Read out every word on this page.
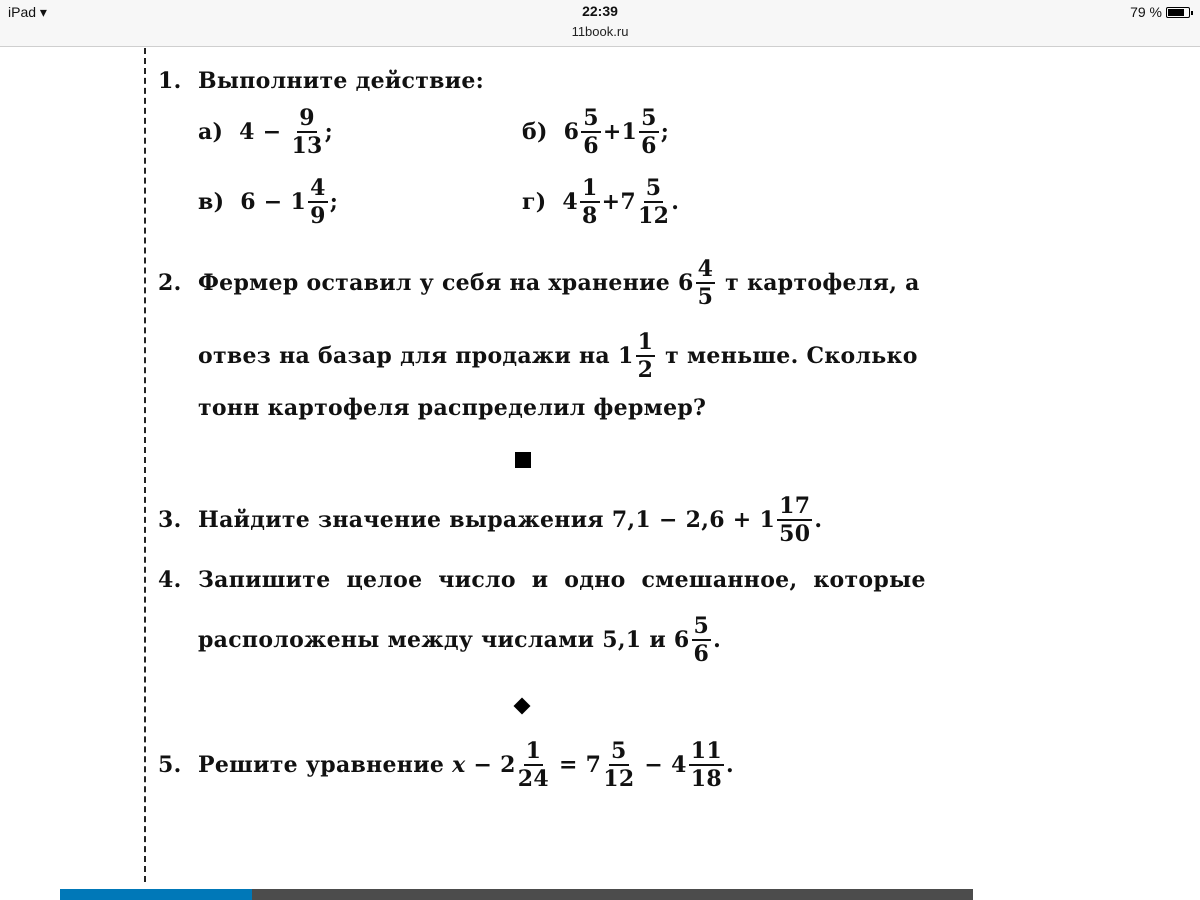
iPad ▾	22:39
11book.ru
79 %
1. Выполните действие:
а)  $4 - \frac{9}{13}$ ;	б)  $6 \frac{5}{6} +1 \frac{5}{6}$ ;
в)  $6 - 1 \frac{4}{9}$ ;	г)  $4 \frac{1}{8} +7 \frac{5}{12}$ .
2. Фермер оставил у себя на хранение $6 \frac{4}{5}$ т картофеля, а
отвез на базар для продажи на $1 \frac{1}{2}$ т меньше. Сколько
тонн картофеля распределил фермер?
3. Найдите значение выражения $7,1 - 2,6 + 1 \frac{17}{50}$ .
4. Запишите  целое  число  и  одно  смешанное,  которые
расположены между числами 5,1 и $6 \frac{5}{6}$ .
5. Решите уравнение $x - 2 \frac{1}{24} = 7 \frac{5}{12} - 4 \frac{11}{18}$ .
